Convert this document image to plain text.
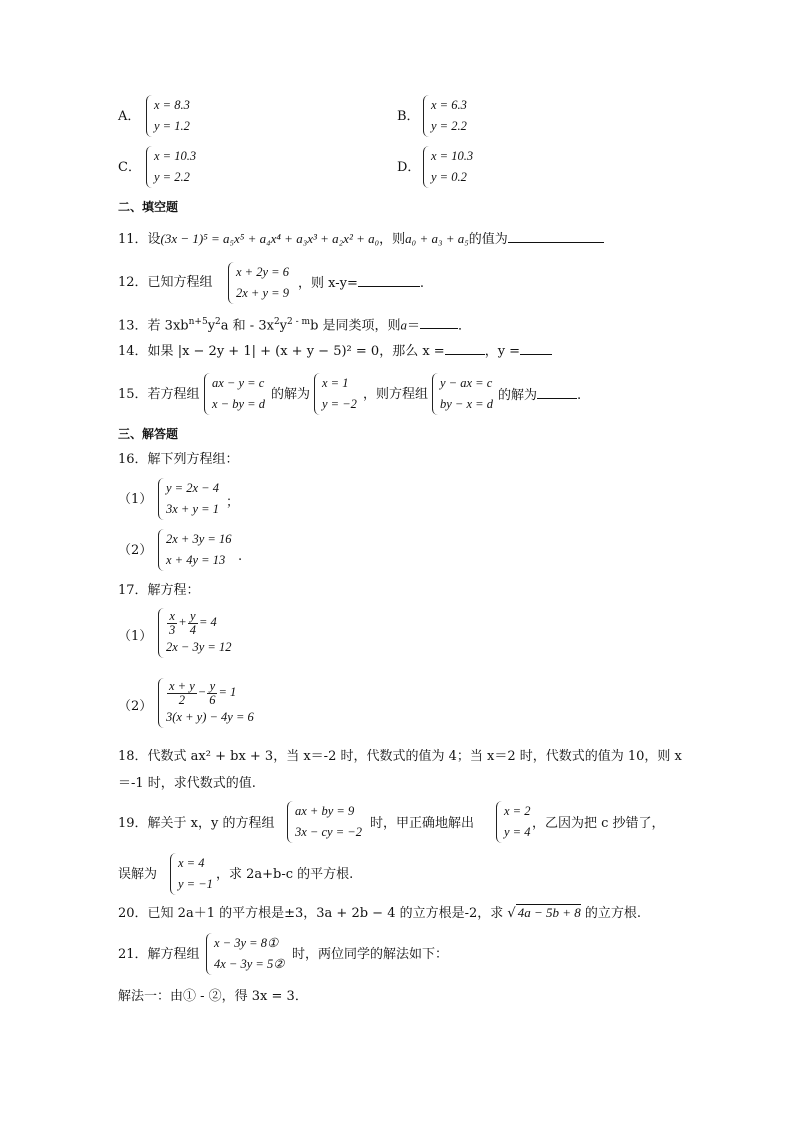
A．
x = 8.3
y = 1.2
B．
x = 6.3
y = 2.2
C．
x = 10.3
y = 2.2
D．
x = 10.3
y = 0.2
二、填空题
11．设(3x − 1)⁵ = a₅x⁵ + a₄x⁴ + a₃x³ + a₂x² + a₀，则a₀ + a₃ + a₅的值为
12．已知方程组
x + 2y = 6
2x + y = 9
，则 x-y=	.
13．若 $3xb^{n+5}y^2a$ 和 - $3x^2y^{2 - m}b$ 是同类项，则a＝	．
14．如果 |x − 2y + 1| + (x + y − 5)² = 0，那么 x =	，y =
15．若方程组
ax − y = c
x − by = d
的解为
x = 1
y = −2
，则方程组
y − ax = c
by − x = d
的解为	.
三、解答题
16．解下列方程组：
（1）
y = 2x − 4
3x + y = 1 ；
（2）
2x + 3y = 16
x + 4y = 13 .
17．解方程：
$(1) \frac{x}{3} + \frac{y}{4} = 4$
2x − 3y = 12
$(2) \frac{x + y}{2} - \frac{y}{6} = 1$
3(x + y) − 4y = 6
18．代数式 ax² + bx + 3，当 x＝-2 时，代数式的值为 4；当 x＝2 时，代数式的值为 10，则 x
＝-1 时，求代数式的值.
19．解关于 x，y 的方程组
ax + by = 9
3x − cy = −2
时，甲正确地解出
x = 2
y = 4
，乙因为把 c 抄错了，
误解为
x = 4
y = −1
，求 2a+b-c 的平方根.
20．已知 2a＋1 的平方根是±3，3a + 2b − 4 的立方根是-2，求 √ 4a − 5b + 8 的立方根.
21．解方程组
x − 3y = 8①
4x − 3y = 5②
时，两位同学的解法如下：
解法一：由① - ②，得 3x = 3．
